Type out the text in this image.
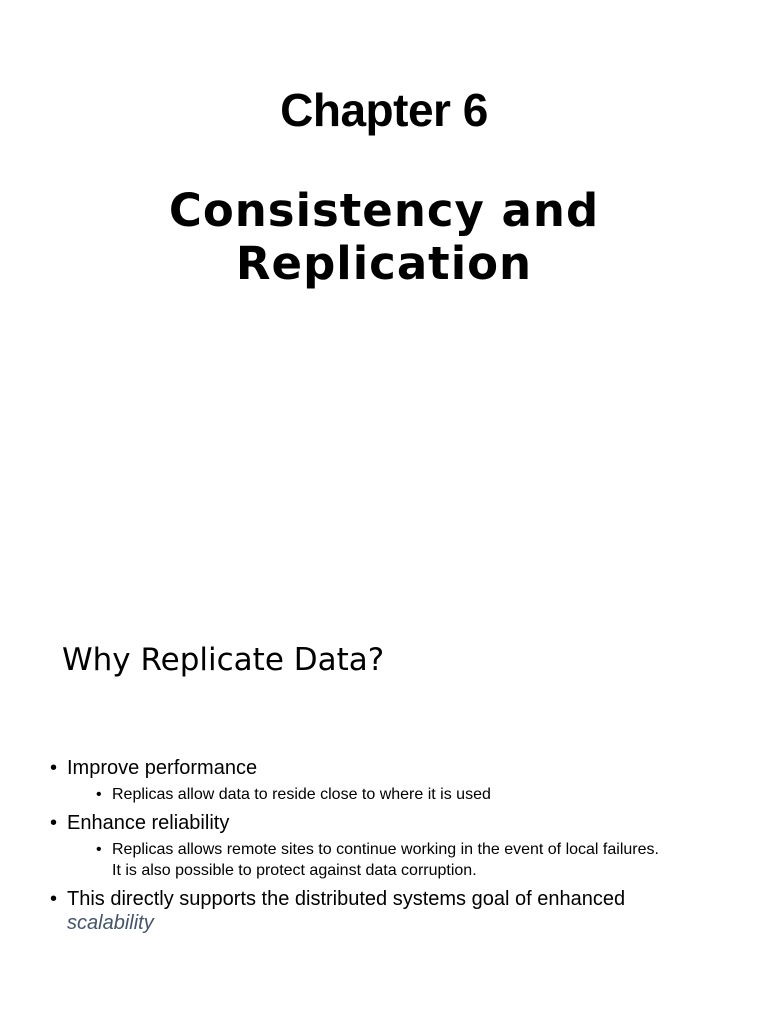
Chapter 6
Consistency and
Replication
Why Replicate Data?
• Improve performance
• Replicas allow data to reside close to where it is used
• Enhance reliability
• Replicas allows remote sites to continue working in the event of local failures.
It is also possible to protect against data corruption.
• This directly supports the distributed systems goal of enhanced
scalability
